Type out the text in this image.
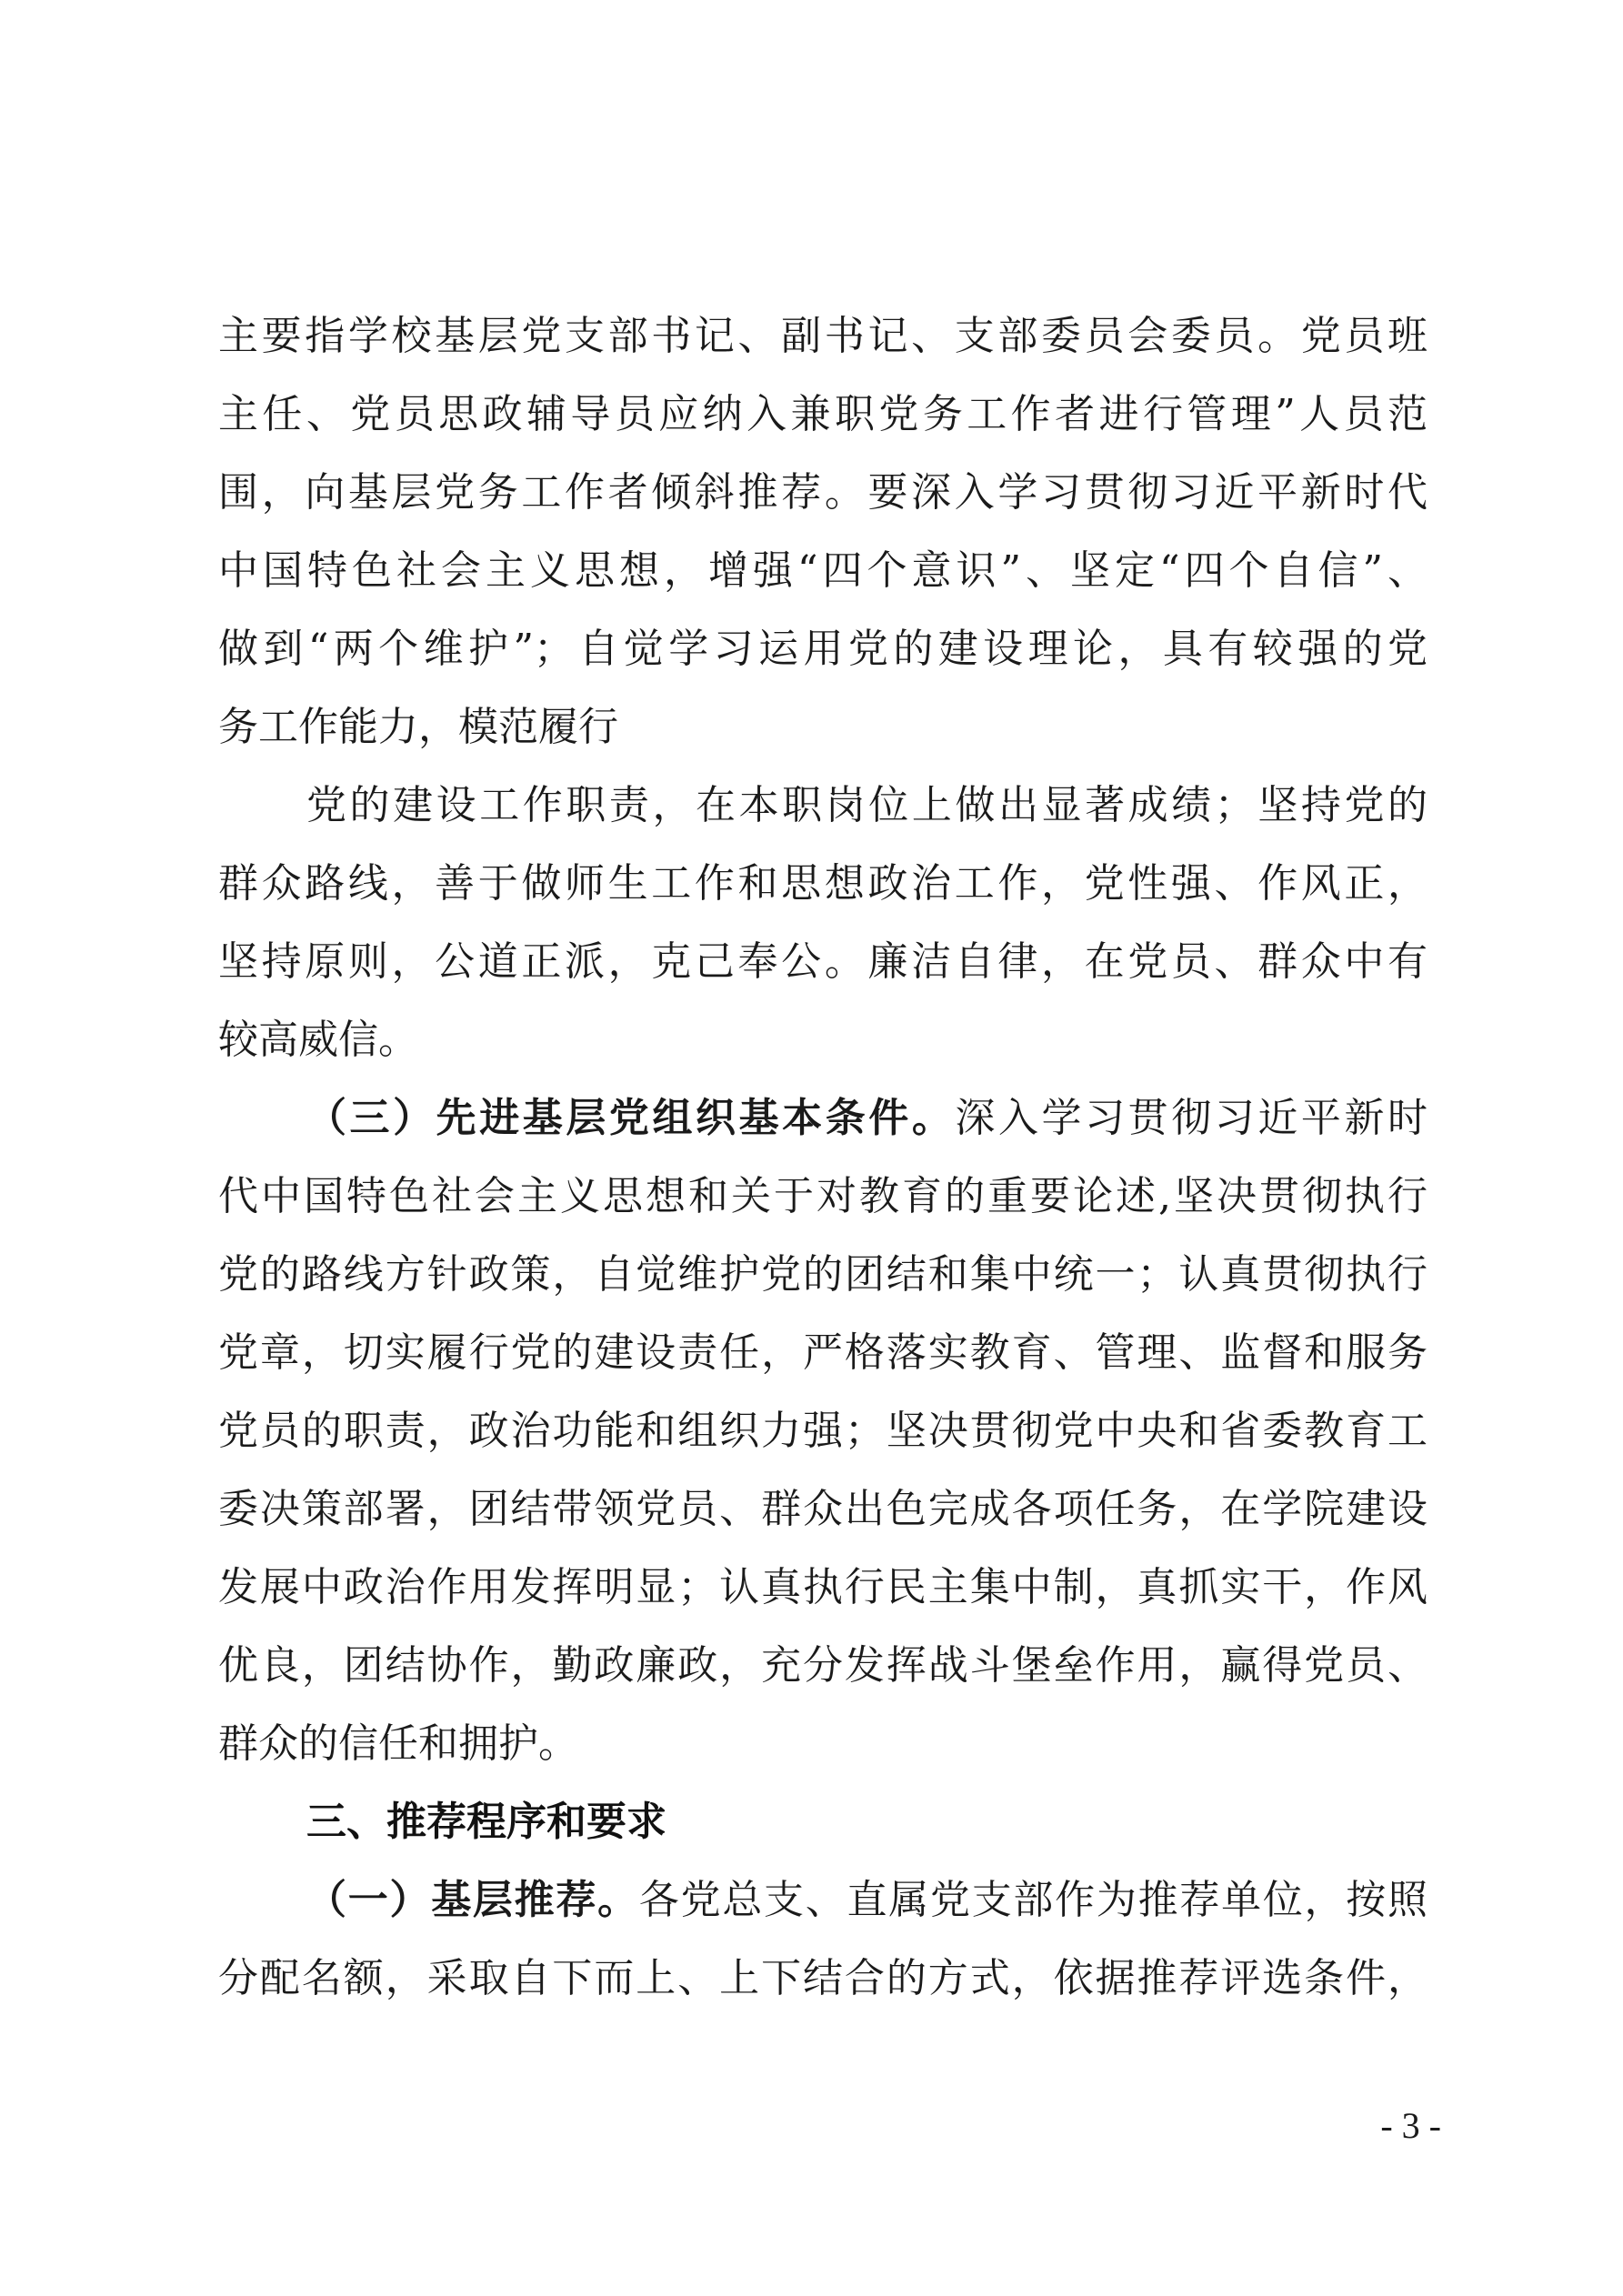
主要指学校基层党支部书记、副书记、支部委员会委员。党员班
主任、党员思政辅导员应纳入兼职党务工作者进行管理”人员范
围，向基层党务工作者倾斜推荐。要深入学习贯彻习近平新时代
中国特色社会主义思想，增强“四个意识”、坚定“四个自信”、
做到“两个维护”；自觉学习运用党的建设理论，具有较强的党
务工作能力，模范履行
党的建设工作职责，在本职岗位上做出显著成绩；坚持党的
群众路线，善于做师生工作和思想政治工作，党性强、作风正，
坚持原则，公道正派，克己奉公。廉洁自律，在党员、群众中有
较高威信。
（三）先进基层党组织基本条件。深入学习贯彻习近平新时
代中国特色社会主义思想和关于对教育的重要论述,坚决贯彻执行
党的路线方针政策，自觉维护党的团结和集中统一；认真贯彻执行
党章，切实履行党的建设责任，严格落实教育、管理、监督和服务
党员的职责，政治功能和组织力强；坚决贯彻党中央和省委教育工
委决策部署，团结带领党员、群众出色完成各项任务，在学院建设
发展中政治作用发挥明显；认真执行民主集中制，真抓实干，作风
优良，团结协作，勤政廉政，充分发挥战斗堡垒作用，赢得党员、
群众的信任和拥护。
三、推荐程序和要求
（一）基层推荐。各党总支、直属党支部作为推荐单位，按照
分配名额，采取自下而上、上下结合的方式，依据推荐评选条件，
- 3 -
